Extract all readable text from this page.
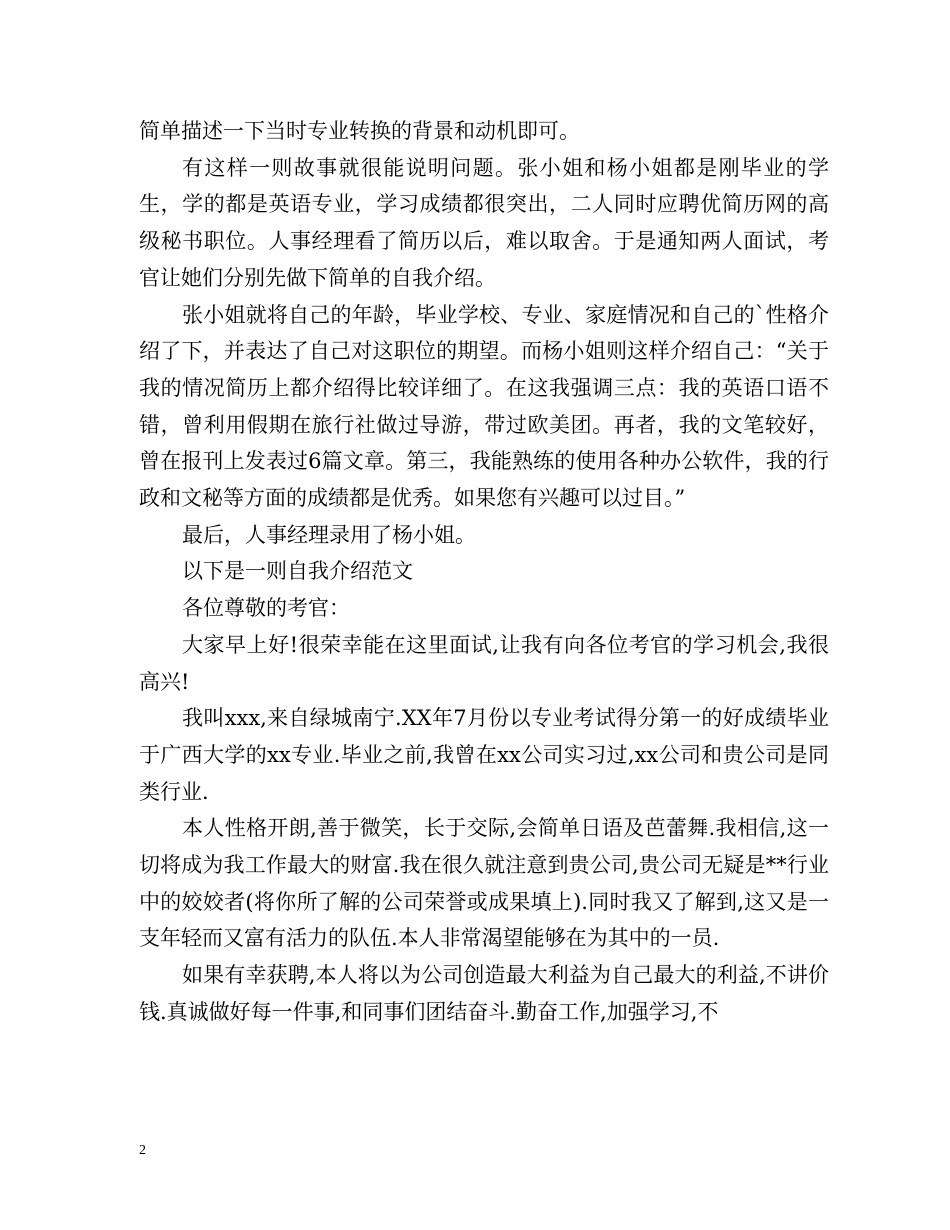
简单描述一下当时专业转换的背景和动机即可。

有这样一则故事就很能说明问题。张小姐和杨小姐都是刚毕业的学生，学的都是英语专业，学习成绩都很突出，二人同时应聘优简历网的高级秘书职位。人事经理看了简历以后，难以取舍。于是通知两人面试，考官让她们分别先做下简单的自我介绍。

张小姐就将自己的年龄，毕业学校、专业、家庭情况和自己的`性格介绍了下，并表达了自己对这职位的期望。而杨小姐则这样介绍自己：“关于我的情况简历上都介绍得比较详细了。在这我强调三点：我的英语口语不错，曾利用假期在旅行社做过导游，带过欧美团。再者，我的文笔较好，曾在报刊上发表过6篇文章。第三，我能熟练的使用各种办公软件，我的行政和文秘等方面的成绩都是优秀。如果您有兴趣可以过目。”

最后，人事经理录用了杨小姐。

以下是一则自我介绍范文

各位尊敬的考官：

大家早上好!很荣幸能在这里面试,让我有向各位考官的学习机会,我很高兴!

我叫xxx,来自绿城南宁.XX年7月份以专业考试得分第一的好成绩毕业于广西大学的xx专业.毕业之前,我曾在xx公司实习过,xx公司和贵公司是同类行业.

本人性格开朗,善于微笑，长于交际,会简单日语及芭蕾舞.我相信,这一切将成为我工作最大的财富.我在很久就注意到贵公司,贵公司无疑是**行业中的姣姣者(将你所了解的公司荣誉或成果填上).同时我又了解到,这又是一支年轻而又富有活力的队伍.本人非常渴望能够在为其中的一员.

如果有幸获聘,本人将以为公司创造最大利益为自己最大的利益,不讲价钱.真诚做好每一件事,和同事们团结奋斗.勤奋工作,加强学习,不

2
